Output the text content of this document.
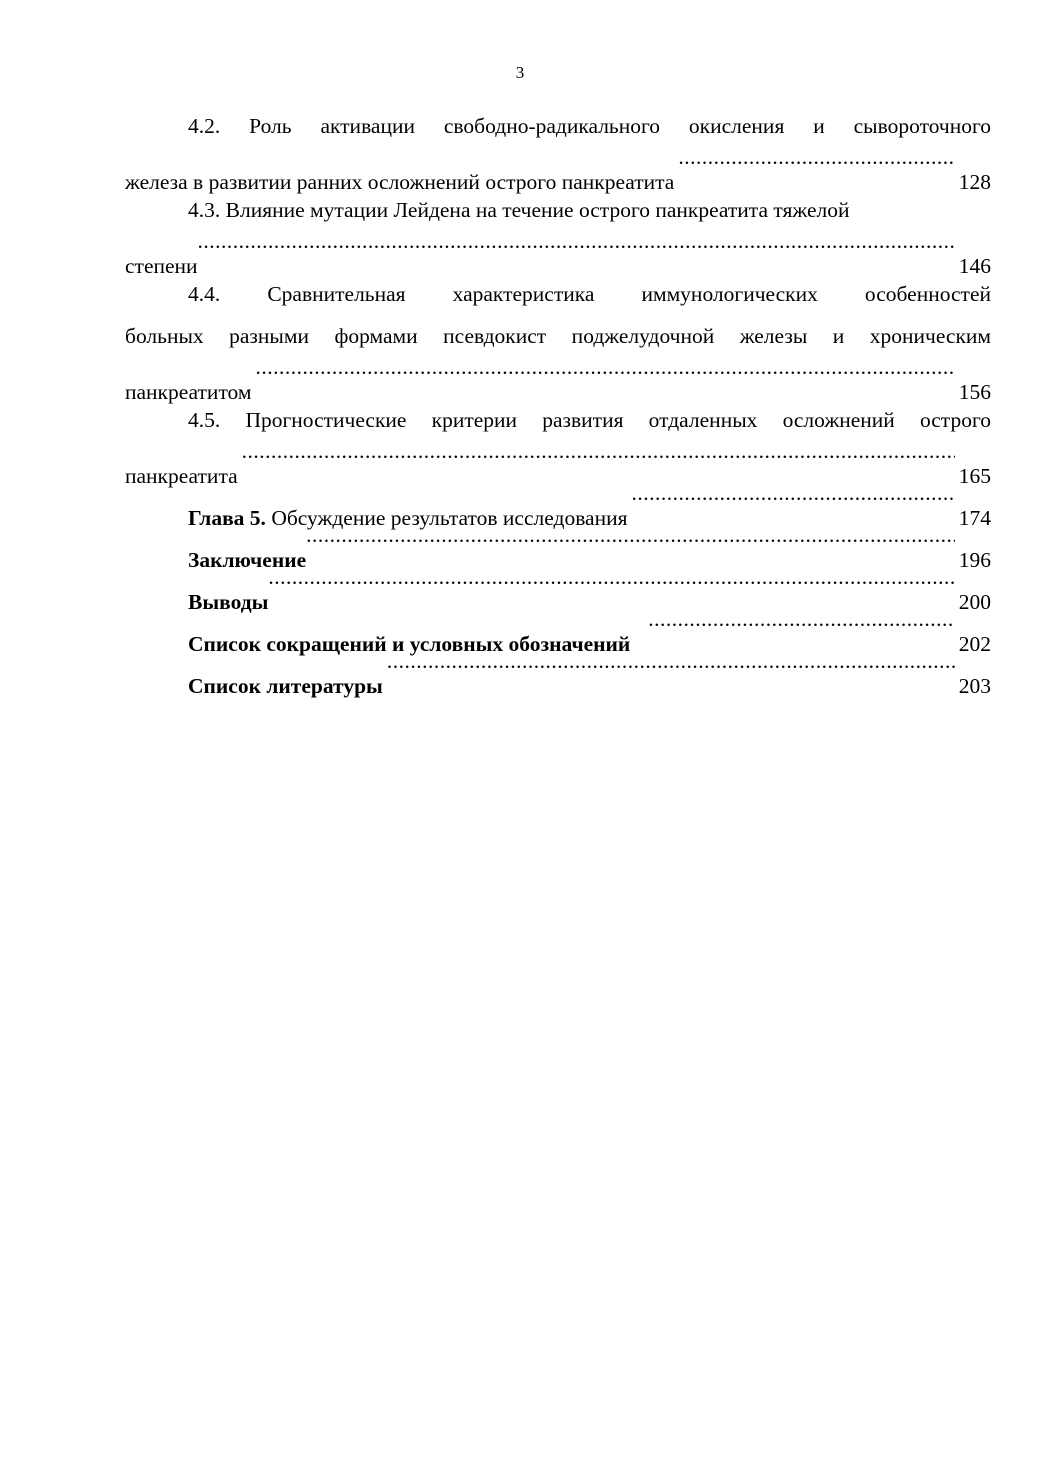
3
4.2. Роль активации свободно-радикального окисления и сывороточного
железа в развитии ранних осложнений острого панкреатита .....	128
4.3. Влияние мутации Лейдена на течение острого панкреатита тяжелой
степени .....	146
4.4. Сравнительная характеристика иммунологических особенностей
больных разными формами псевдокист поджелудочной железы и хроническим
панкреатитом .....	156
4.5. Прогностические критерии развития отдаленных осложнений острого
панкреатита .....	165
Глава 5.
Обсуждение результатов исследования .....	174
Заключение .....	196
Выводы .....	200
Список сокращений и условных обозначений .....	202
Список литературы .....	203
